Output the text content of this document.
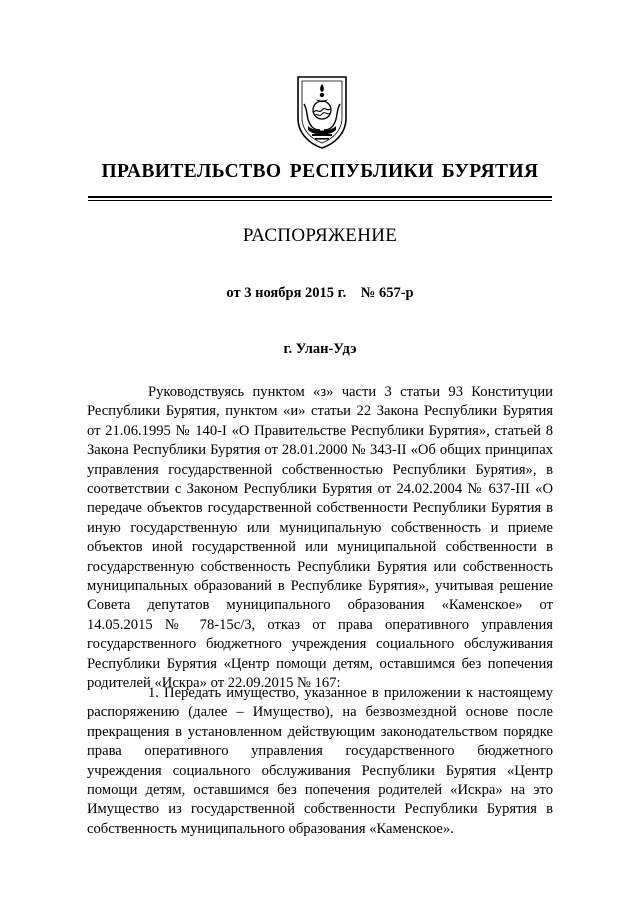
ПРАВИТЕЛЬСТВО РЕСПУБЛИКИ БУРЯТИЯ
РАСПОРЯЖЕНИЕ
от 3 ноября 2015 г.    № 657-р
г. Улан-Удэ

Руководствуясь пунктом «з» части 3 статьи 93 Конституции Республики Бурятия, пунктом «и» статьи 22 Закона Республики Бурятия от 21.06.1995 № 140-I «О Правительстве Республики Бурятия», статьей 8 Закона Республики Бурятия от 28.01.2000 № 343-II «Об общих принципах управления государственной собственностью Республики Бурятия», в соответствии с Законом Республики Бурятия от 24.02.2004 № 637-III «О передаче объектов государственной собственности Республики Бурятия в иную государственную или муниципальную собственность и приеме объектов иной государственной или муниципальной собственности в государственную собственность Республики Бурятия или собственность муниципальных образований в Республике Бурятия», учитывая решение Совета депутатов муниципального образования «Каменское» от 14.05.2015 № 78-15с/3, отказ от права оперативного управления государственного бюджетного учреждения социального обслуживания Республики Бурятия «Центр помощи детям, оставшимся без попечения родителей «Искра» от 22.09.2015 № 167:

1. Передать имущество, указанное в приложении к настоящему распоряжению (далее – Имущество), на безвозмездной основе после прекращения в установленном действующим законодательством порядке права оперативного управления государственного бюджетного учреждения социального обслуживания Республики Бурятия «Центр помощи детям, оставшимся без попечения родителей «Искра» на это Имущество из государственной собственности Республики Бурятия в собственность муниципального образования «Каменское».
